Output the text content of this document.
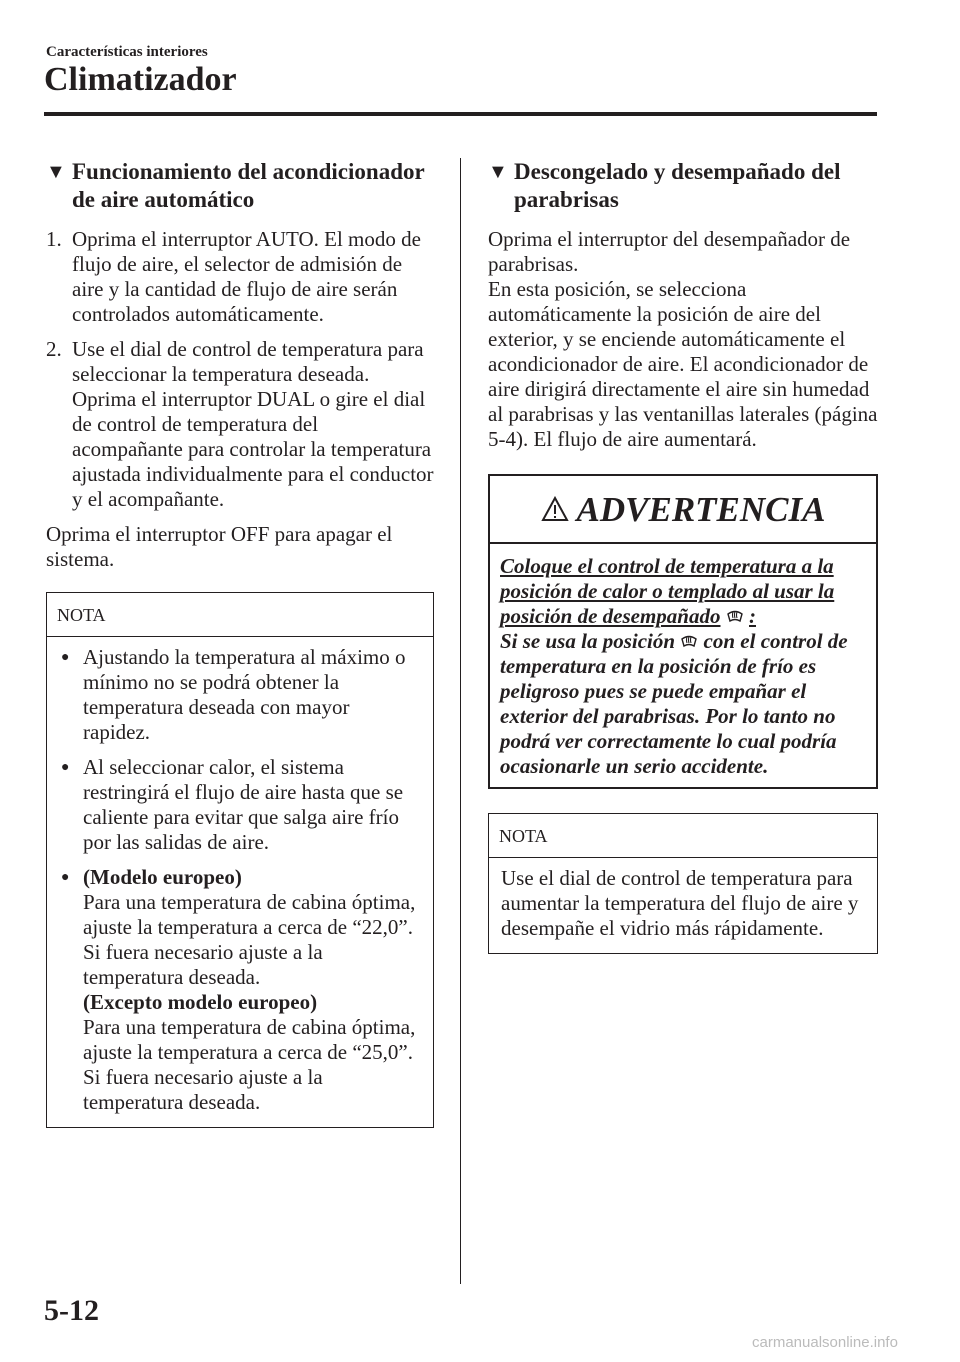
Características interiores
Climatizador
▼ Funcionamiento del acondicionador de aire automático
1. Oprima el interruptor AUTO. El modo de flujo de aire, el selector de admisión de aire y la cantidad de flujo de aire serán controlados automáticamente.
2. Use el dial de control de temperatura para seleccionar la temperatura deseada.

Oprima el interruptor DUAL o gire el dial de control de temperatura del acompañante para controlar la temperatura ajustada individualmente para el conductor y el acompañante.

Oprima el interruptor OFF para apagar el sistema.

NOTA
● Ajustando la temperatura al máximo o mínimo no se podrá obtener la temperatura deseada con mayor rapidez.
● Al seleccionar calor, el sistema restringirá el flujo de aire hasta que se caliente para evitar que salga aire frío por las salidas de aire.
● (Modelo europeo)

Para una temperatura de cabina óptima, ajuste la temperatura a cerca de “22,0”. Si fuera necesario ajuste a la temperatura deseada.

(Excepto modelo europeo)

Para una temperatura de cabina óptima, ajuste la temperatura a cerca de “25,0”. Si fuera necesario ajuste a la temperatura deseada.

▼ Descongelado y desempañado del parabrisas

Oprima el interruptor del desempañador de parabrisas.

En esta posición, se selecciona automáticamente la posición de aire del exterior, y se enciende automáticamente el acondicionador de aire. El acondicionador de aire dirigirá directamente el aire sin humedad al parabrisas y las ventanillas laterales (página 5-4). El flujo de aire aumentará.

ADVERTENCIA
Coloque el control de temperatura a la posición de calor o templado al usar la posición de desempañado :
Si se usa la posición con el control de temperatura en la posición de frío es peligroso pues se puede empañar el exterior del parabrisas. Por lo tanto no podrá ver correctamente lo cual podría ocasionarle un serio accidente.
NOTA

Use el dial de control de temperatura para aumentar la temperatura del flujo de aire y desempañe el vidrio más rápidamente.

5-12
carmanualsonline.info
